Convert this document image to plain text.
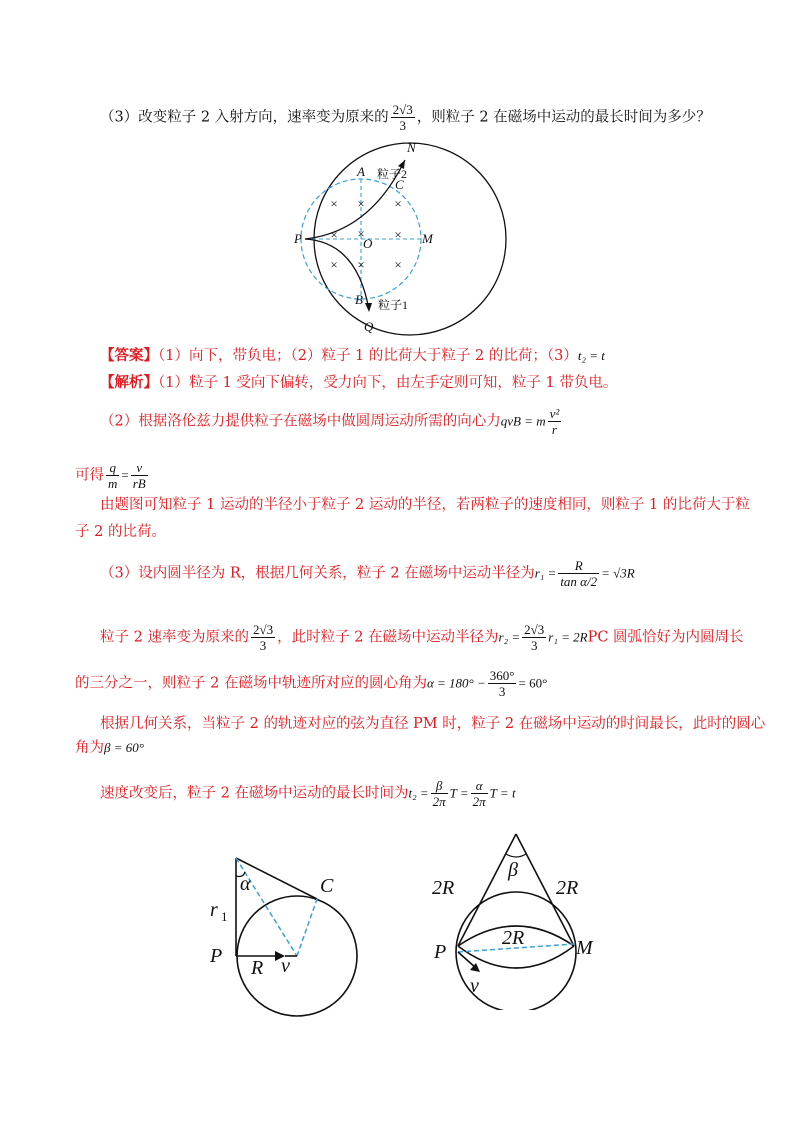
（3）改变粒子 2 入射方向，速率变为原来的 $\frac{2√3}{3}$ ，则粒子 2 在磁场中运动的最长时间为多少？
× × ×
× × ×
× × ×
N
A
C
P	O	M
B
Q
粒子2
粒子1
【答案】（1）向下，带负电；（2）粒子 1 的比荷大于粒子 2 的比荷；（3）t₂ = t
【解析】（1）粒子 1 受向下偏转，受力向下，由左手定则可知，粒子 1 带负电。
（2）根据洛伦兹力提供粒子在磁场中做圆周运动所需的向心力qvB = m $\frac{\text{v²}}{r}$
可得 $\frac{q}{m} = \frac{v}{rB}$
由题图可知粒子 1 运动的半径小于粒子 2 运动的半径，若两粒子的速度相同，则粒子 1 的比荷大于粒
子 2 的比荷。
（3）设内圆半径为 R，根据几何关系，粒子 2 在磁场中运动半径为$r_1 = \frac{R}{\text{tan α/2}} = √3R$
粒子 2 速率变为原来的 $\frac{2√3}{3}$ ，此时粒子 2 在磁场中运动半径为$r_2 = \frac{2√3}{3} r_1 = 2RPC$ 圆弧恰好为内圆周长
的三分之一，则粒子 2 在磁场中轨迹所对应的圆心角为$\alpha = 180^\circ - \frac{360^\circ}{3} = 60^\circ$
根据几何关系，当粒子 2 的轨迹对应的弦为直径 PM 时，粒子 2 在磁场中运动的时间最长，此时的圆心
角为β = 60°
速度改变后，粒子 2 在磁场中运动的最长时间为$t_2 = \frac{\beta}{2\pi}$ $T = \frac{\alpha}{2\pi}$ T = t
α	C
r
P
R v
1
β
2R	2R
2R
P	M
v
